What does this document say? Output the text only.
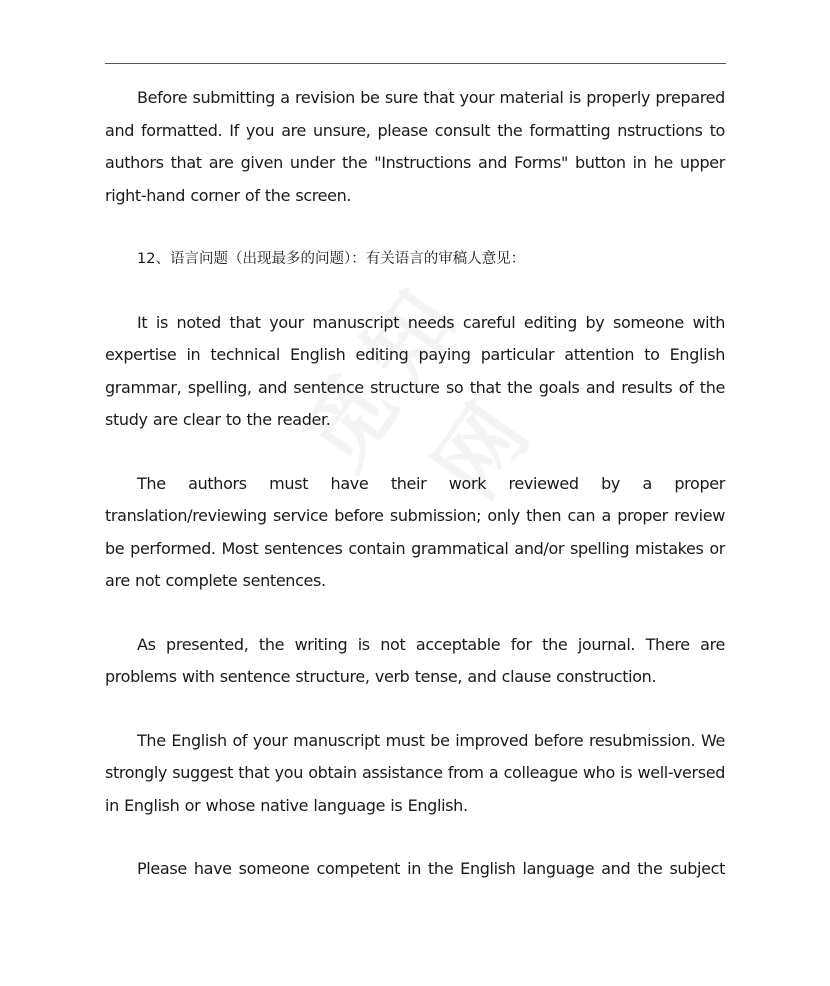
Before submitting a revision be sure that your material is properly prepared and formatted. If you are unsure, please consult the formatting nstructions to authors that are given under the "Instructions and Forms" button in he upper right-hand corner of the screen.

12、语言问题（出现最多的问题）：有关语言的审稿人意见：

It is noted that your manuscript needs careful editing by someone with expertise in technical English editing paying particular attention to English grammar, spelling, and sentence structure so that the goals and results of the study are clear to the reader.

The authors must have their work reviewed by a proper translation/reviewing service before submission; only then can a proper review be performed. Most sentences contain grammatical and/or spelling mistakes or are not complete sentences.

As presented, the writing is not acceptable for the journal. There are problems with sentence structure, verb tense, and clause construction.

The English of your manuscript must be improved before resubmission. We strongly suggest that you obtain assistance from a colleague who is well-versed in English or whose native language is English.

Please have someone competent in the English language and the subject
